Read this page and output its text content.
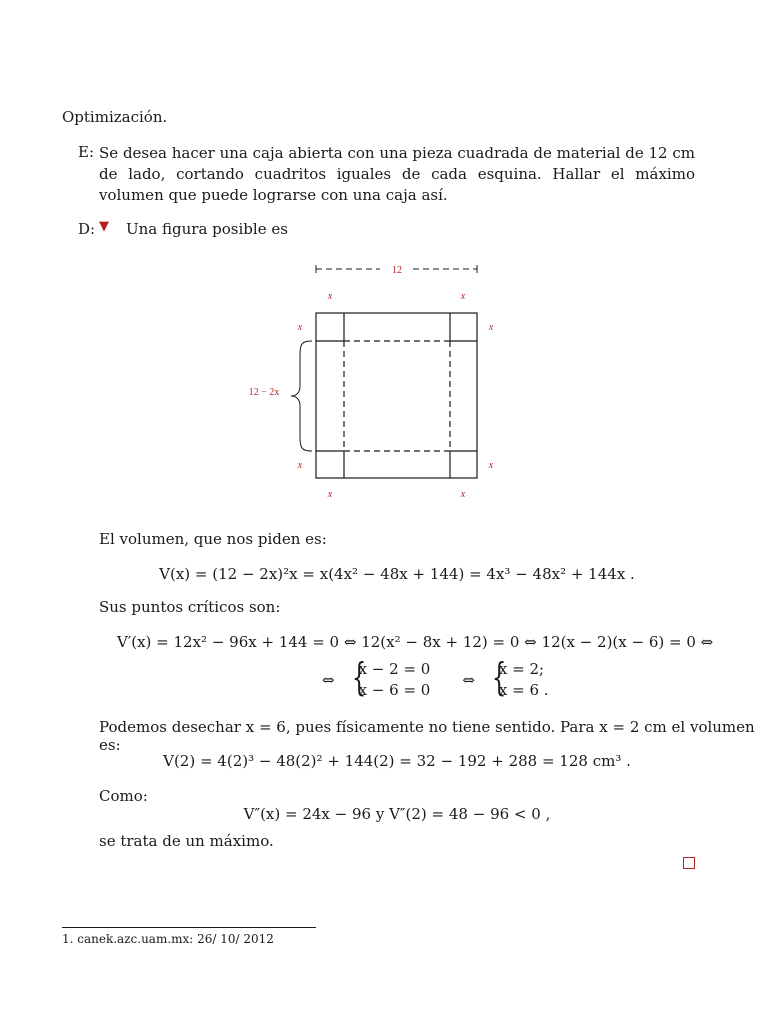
Optimización.
E: Se desea hacer una caja abierta con una pieza cuadrada de material de 12 cm de lado, cortando cuadritos iguales de cada esquina. Hallar el máximo volumen que puede lograrse con una caja así.
D: ▼ Una figura posible es
12
12 − 2x
x	x
x	x
x	x
x	x
El volumen, que nos piden es:
V(x) = (12 − 2x)²x = x(4x² − 48x + 144) = 4x³ − 48x² + 144x .
Sus puntos críticos son:
V′(x) = 12x² − 96x + 144 = 0 ⇔ 12(x² − 8x + 12) = 0 ⇔ 12(x − 2)(x − 6) = 0 ⇔
⇔
{ x − 2 = 0
x − 6 = 0
⇔
{ x = 2;
x = 6 .
Podemos desechar x = 6, pues físicamente no tiene sentido. Para x = 2 cm el volumen es:
V(2) = 4(2)³ − 48(2)² + 144(2) = 32 − 192 + 288 = 128 cm³ .
Como:
V″(x) = 24x − 96 y V″(2) = 48 − 96 < 0 ,
se trata de un máximo.
1. canek.azc.uam.mx: 26/ 10/ 2012
